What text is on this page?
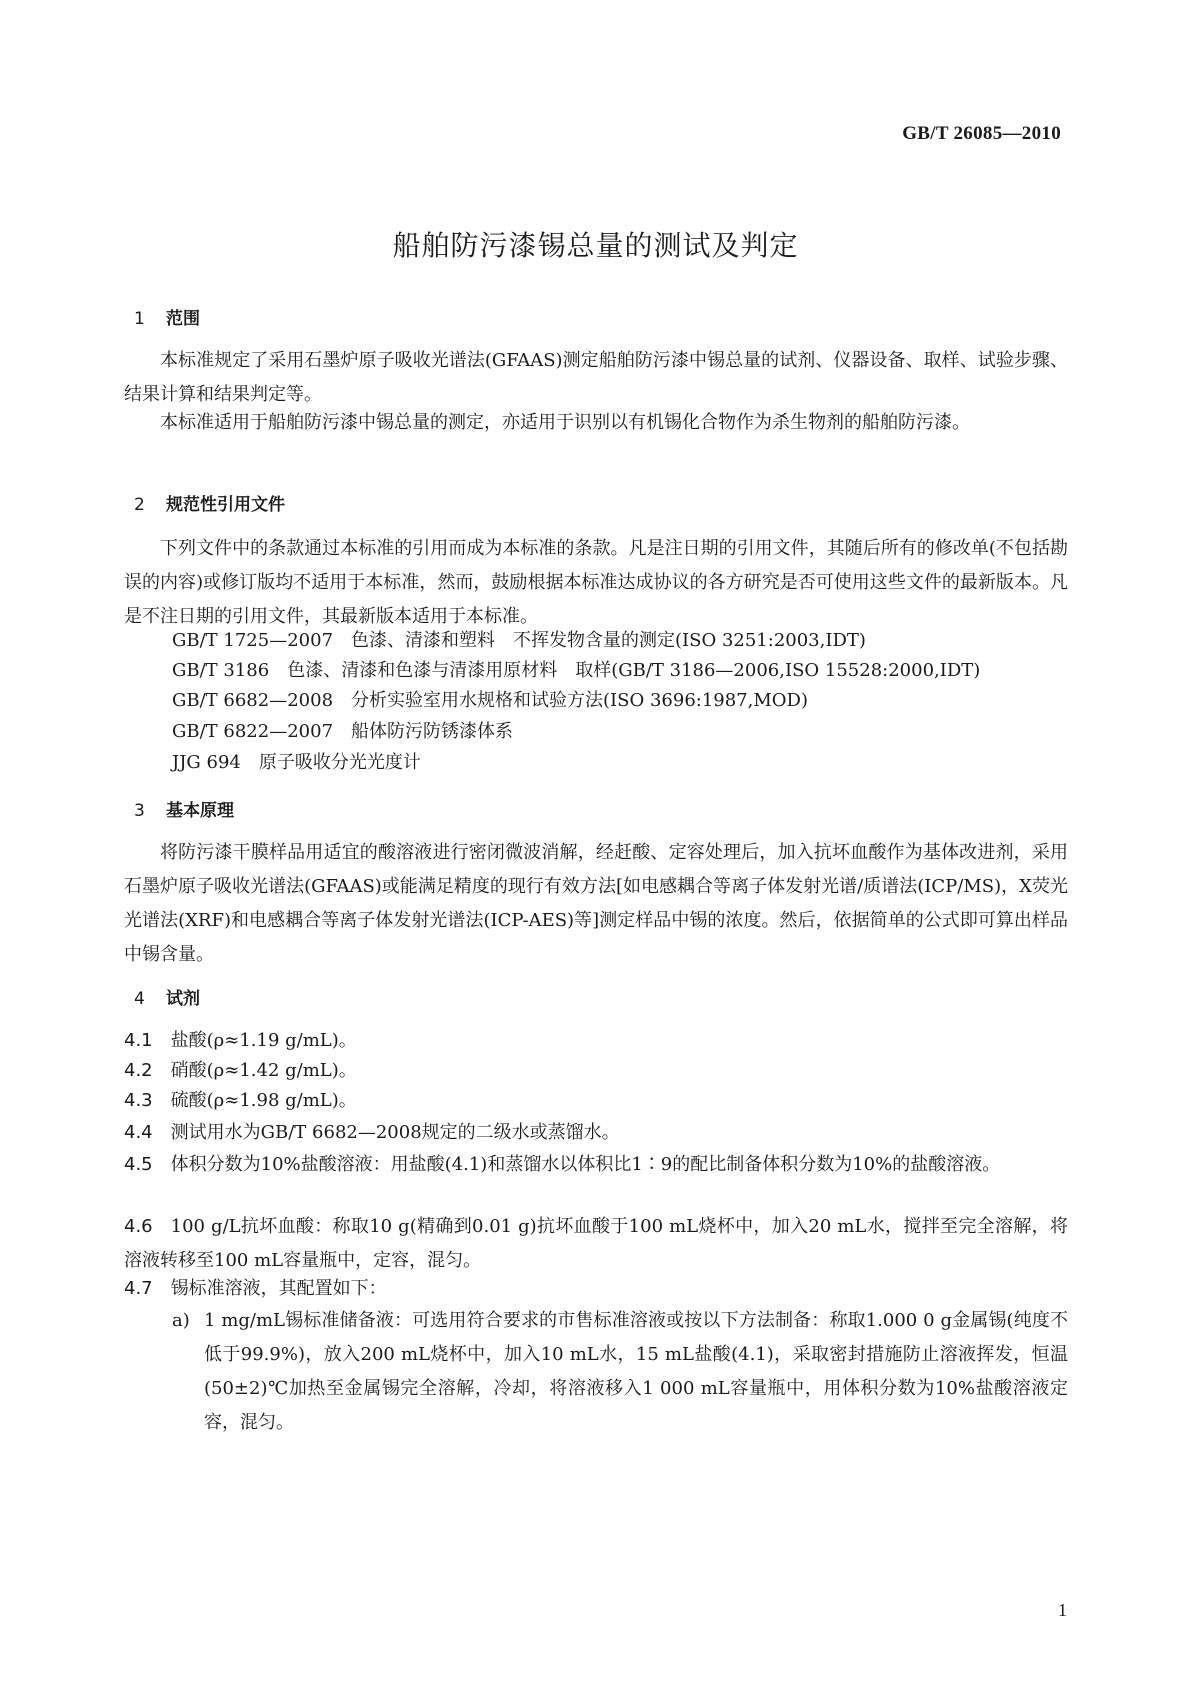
GB/T 26085—2010
船舶防污漆锡总量的测试及判定
1 范围
本标准规定了采用石墨炉原子吸收光谱法(GFAAS)测定船舶防污漆中锡总量的试剂、仪器设备、取样、试验步骤、结果计算和结果判定等。
本标准适用于船舶防污漆中锡总量的测定，亦适用于识别以有机锡化合物作为杀生物剂的船舶防污漆。
2 规范性引用文件
下列文件中的条款通过本标准的引用而成为本标准的条款。凡是注日期的引用文件，其随后所有的修改单(不包括勘误的内容)或修订版均不适用于本标准，然而，鼓励根据本标准达成协议的各方研究是否可使用这些文件的最新版本。凡是不注日期的引用文件，其最新版本适用于本标准。
GB/T 1725—2007　色漆、清漆和塑料　不挥发物含量的测定(ISO 3251:2003,IDT)
GB/T 3186　色漆、清漆和色漆与清漆用原材料　取样(GB/T 3186—2006,ISO 15528:2000,IDT)
GB/T 6682—2008　分析实验室用水规格和试验方法(ISO 3696:1987,MOD)
GB/T 6822—2007　船体防污防锈漆体系
JJG 694　原子吸收分光光度计
3 基本原理
将防污漆干膜样品用适宜的酸溶液进行密闭微波消解，经赶酸、定容处理后，加入抗坏血酸作为基体改进剂，采用石墨炉原子吸收光谱法(GFAAS)或能满足精度的现行有效方法[如电感耦合等离子体发射光谱/质谱法(ICP/MS)，X荧光光谱法(XRF)和电感耦合等离子体发射光谱法(ICP-AES)等]测定样品中锡的浓度。然后，依据简单的公式即可算出样品中锡含量。
4 试剂
4.1 盐酸(ρ≈1.19 g/mL)。
4.2 硝酸(ρ≈1.42 g/mL)。
4.3 硫酸(ρ≈1.98 g/mL)。
4.4 测试用水为GB/T 6682—2008规定的二级水或蒸馏水。
4.5 体积分数为10%盐酸溶液：用盐酸(4.1)和蒸馏水以体积比1∶9的配比制备体积分数为10%的盐酸溶液。
4.6 100 g/L抗坏血酸：称取10 g(精确到0.01 g)抗坏血酸于100 mL烧杯中，加入20 mL水，搅拌至完全溶解，将溶液转移至100 mL容量瓶中，定容，混匀。
4.7 锡标准溶液，其配置如下：
a) 1 mg/mL锡标准储备液：可选用符合要求的市售标准溶液或按以下方法制备：称取1.000 0 g金属锡(纯度不低于99.9%)，放入200 mL烧杯中，加入10 mL水，15 mL盐酸(4.1)，采取密封措施防止溶液挥发，恒温(50±2)℃加热至金属锡完全溶解，冷却，将溶液移入1 000 mL容量瓶中，用体积分数为10%盐酸溶液定容，混匀。
1
